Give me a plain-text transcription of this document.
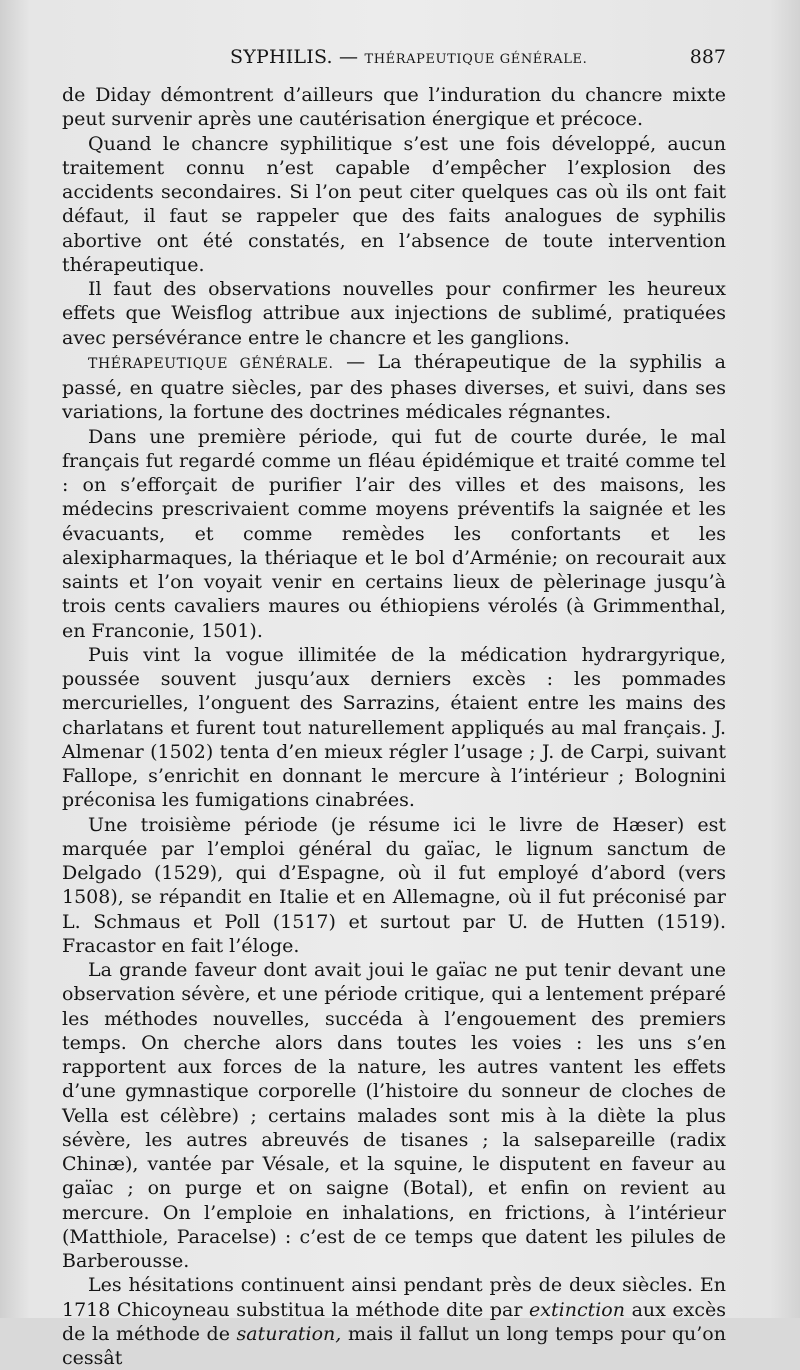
SYPHILIS. — THÉRAPEUTIQUE GÉNÉRALE.	887

de Diday démontrent d’ailleurs que l’induration du chancre mixte peut survenir après une cautérisation énergique et précoce.

Quand le chancre syphilitique s’est une fois développé, aucun traitement connu n’est capable d’empêcher l’explosion des accidents secondaires. Si l’on peut citer quelques cas où ils ont fait défaut, il faut se rappeler que des faits analogues de syphilis abortive ont été constatés, en l’absence de toute intervention thérapeutique.

Il faut des observations nouvelles pour confirmer les heureux effets que Weisflog attribue aux injections de sublimé, pratiquées avec persévérance entre le chancre et les ganglions.

THÉRAPEUTIQUE GÉNÉRALE. — La thérapeutique de la syphilis a passé, en quatre siècles, par des phases diverses, et suivi, dans ses variations, la fortune des doctrines médicales régnantes.

Dans une première période, qui fut de courte durée, le mal français fut regardé comme un fléau épidémique et traité comme tel : on s’efforçait de purifier l’air des villes et des maisons, les médecins prescrivaient comme moyens préventifs la saignée et les évacuants, et comme remèdes les confortants et les alexipharmaques, la thériaque et le bol d’Arménie; on recourait aux saints et l’on voyait venir en certains lieux de pèlerinage jusqu’à trois cents cavaliers maures ou éthiopiens vérolés (à Grimmenthal, en Franconie, 1501).

Puis vint la vogue illimitée de la médication hydrargyrique, poussée souvent jusqu’aux derniers excès : les pommades mercurielles, l’onguent des Sarrazins, étaient entre les mains des charlatans et furent tout naturellement appliqués au mal français. J. Almenar (1502) tenta d’en mieux régler l’usage ; J. de Carpi, suivant Fallope, s’enrichit en donnant le mercure à l’intérieur ; Bolognini préconisa les fumigations cinabrées.

Une troisième période (je résume ici le livre de Hæser) est marquée par l’emploi général du gaïac, le lignum sanctum de Delgado (1529), qui d’Espagne, où il fut employé d’abord (vers 1508), se répandit en Italie et en Allemagne, où il fut préconisé par L. Schmaus et Poll (1517) et surtout par U. de Hutten (1519). Fracastor en fait l’éloge.

La grande faveur dont avait joui le gaïac ne put tenir devant une observation sévère, et une période critique, qui a lentement préparé les méthodes nouvelles, succéda à l’engouement des premiers temps. On cherche alors dans toutes les voies : les uns s’en rapportent aux forces de la nature, les autres vantent les effets d’une gymnastique corporelle (l’histoire du sonneur de cloches de Vella est célèbre) ; certains malades sont mis à la diète la plus sévère, les autres abreuvés de tisanes ; la salsepareille (radix Chinæ), vantée par Vésale, et la squine, le disputent en faveur au gaïac ; on purge et on saigne (Botal), et enfin on revient au mercure. On l’emploie en inhalations, en frictions, à l’intérieur (Matthiole, Paracelse) : c’est de ce temps que datent les pilules de Barberousse.

Les hésitations continuent ainsi pendant près de deux siècles. En 1718 Chicoyneau substitua la méthode dite par extinction aux excès de la méthode de saturation, mais il fallut un long temps pour qu’on cessât
